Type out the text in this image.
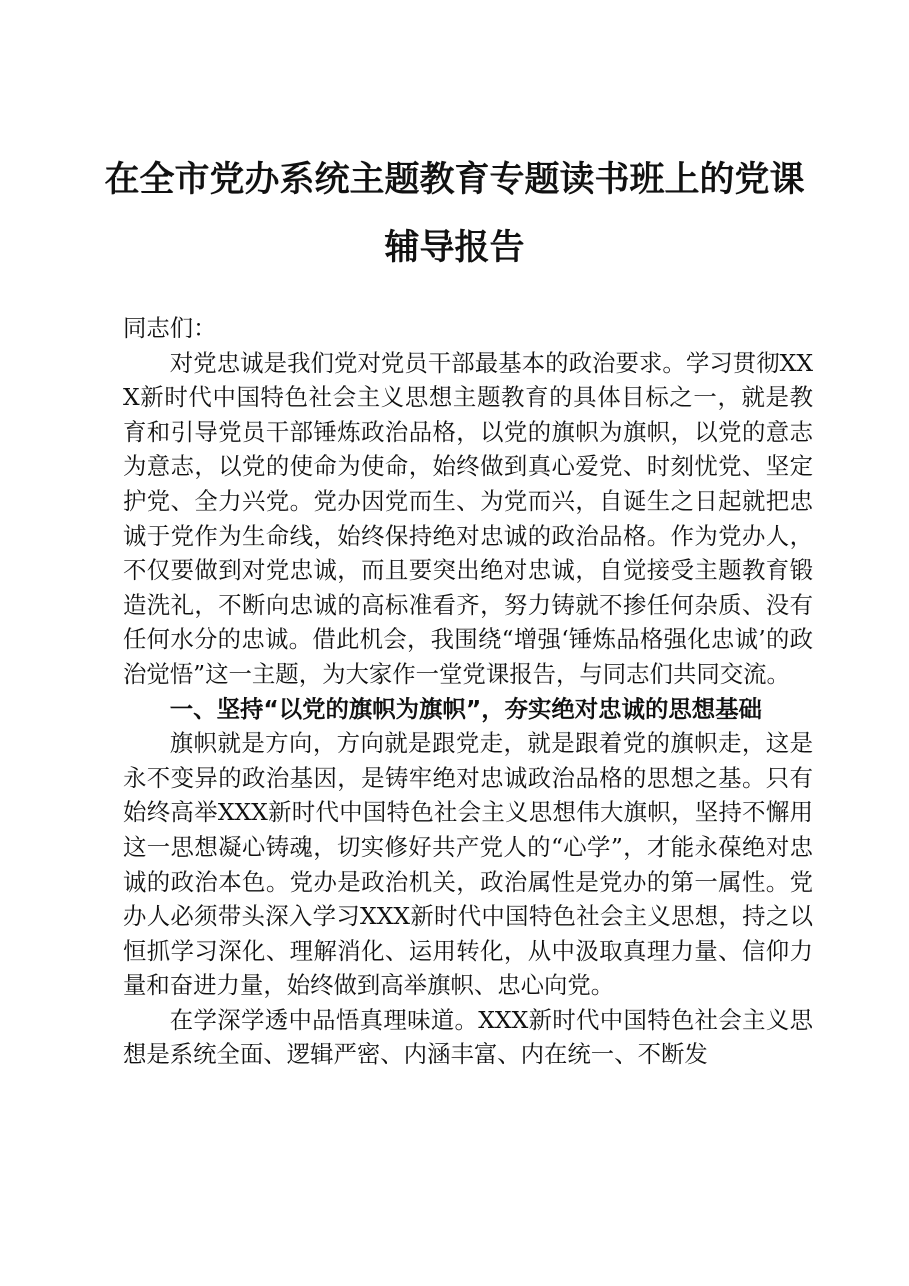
在全市党办系统主题教育专题读书班上的党课
辅导报告

同志们：

对党忠诚是我们党对党员干部最基本的政治要求。学习贯彻XXX新时代中国特色社会主义思想主题教育的具体目标之一，就是教育和引导党员干部锤炼政治品格，以党的旗帜为旗帜，以党的意志为意志，以党的使命为使命，始终做到真心爱党、时刻忧党、坚定护党、全力兴党。党办因党而生、为党而兴，自诞生之日起就把忠诚于党作为生命线，始终保持绝对忠诚的政治品格。作为党办人，不仅要做到对党忠诚，而且要突出绝对忠诚，自觉接受主题教育锻造洗礼，不断向忠诚的高标准看齐，努力铸就不掺任何杂质、没有任何水分的忠诚。借此机会，我围绕“增强‘锤炼品格强化忠诚’的政治觉悟”这一主题，为大家作一堂党课报告，与同志们共同交流。

一、坚持“以党的旗帜为旗帜”，夯实绝对忠诚的思想基础

旗帜就是方向，方向就是跟党走，就是跟着党的旗帜走，这是永不变异的政治基因，是铸牢绝对忠诚政治品格的思想之基。只有始终高举XXX新时代中国特色社会主义思想伟大旗帜，坚持不懈用这一思想凝心铸魂，切实修好共产党人的“心学”，才能永葆绝对忠诚的政治本色。党办是政治机关，政治属性是党办的第一属性。党办人必须带头深入学习XXX新时代中国特色社会主义思想，持之以恒抓学习深化、理解消化、运用转化，从中汲取真理力量、信仰力量和奋进力量，始终做到高举旗帜、忠心向党。

在学深学透中品悟真理味道。XXX新时代中国特色社会主义思想是系统全面、逻辑严密、内涵丰富、内在统一、不断发
